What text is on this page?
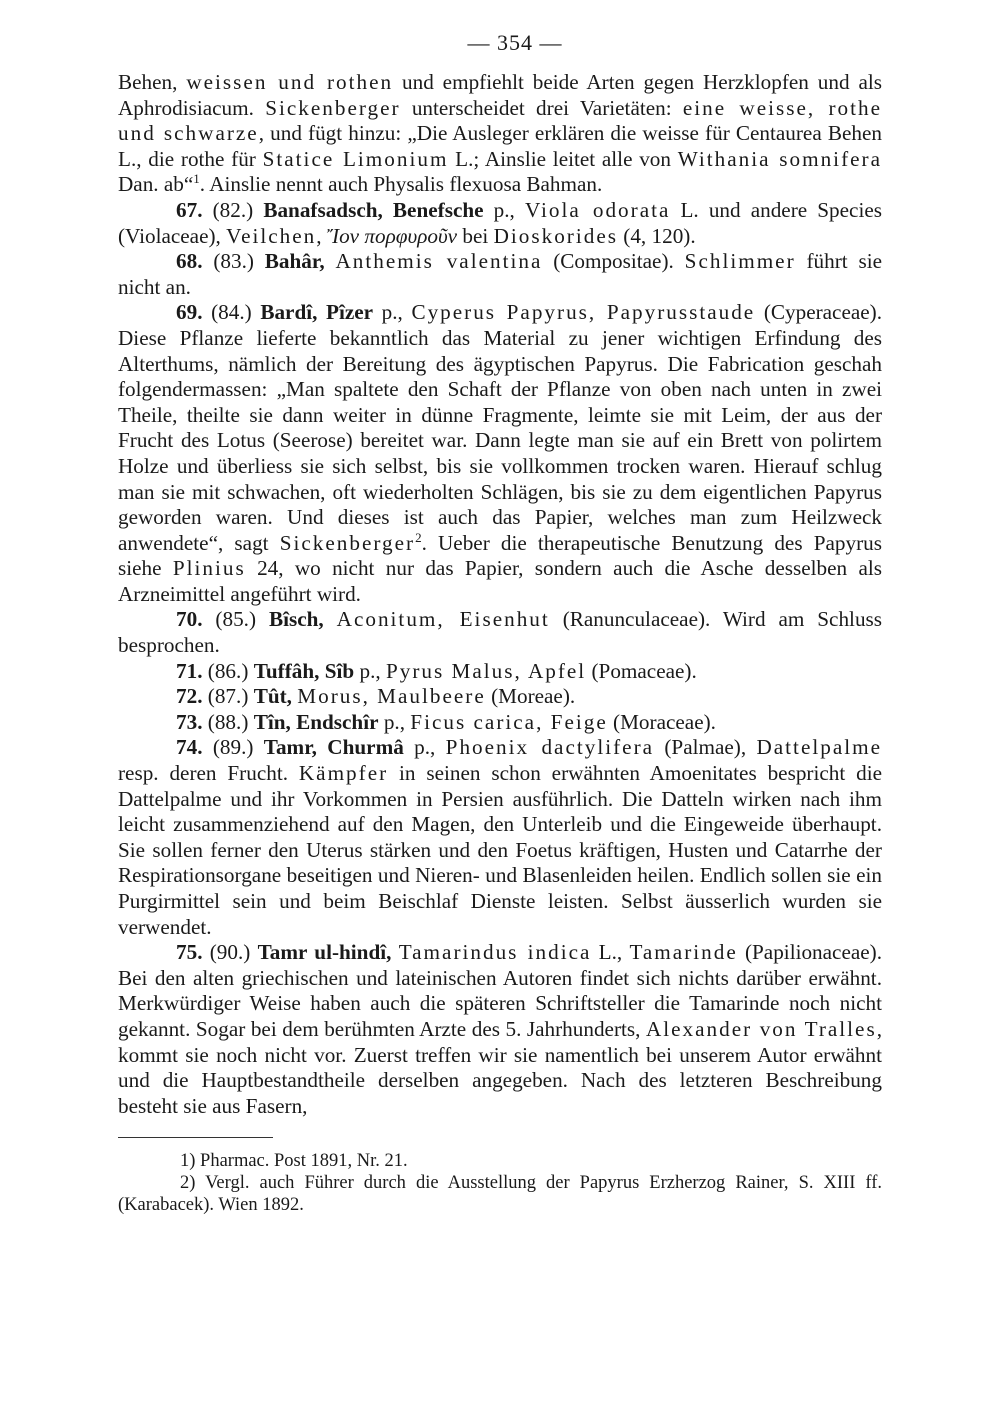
— 354 —

Behen, weissen und rothen und empfiehlt beide Arten gegen Herzklopfen und als Aphrodisiacum. Sickenberger unterscheidet drei Varietäten: eine weisse, rothe und schwarze, und fügt hinzu: „Die Ausleger erklären die weisse für Centaurea Behen L., die rothe für Statice Limonium L.; Ainslie leitet alle von Withania somnifera Dan. ab“$^1$. Ainslie nennt auch Physalis flexuosa Bahman.

67. (82.) Banafsadsch, Benefsche p., Viola odorata L. und andere Species (Violaceae), Veilchen, Ἴον πορφυροῦν bei Dioskorides (4, 120).

68. (83.) Bahâr, Anthemis valentina (Compositae). Schlimmer führt sie nicht an.

69. (84.) Bardî, Pîzer p., Cyperus Papyrus, Papyrusstaude (Cyperaceae). Diese Pflanze lieferte bekanntlich das Material zu jener wichtigen Erfindung des Alterthums, nämlich der Bereitung des ägyptischen Papyrus. Die Fabrication geschah folgendermassen: „Man spaltete den Schaft der Pflanze von oben nach unten in zwei Theile, theilte sie dann weiter in dünne Fragmente, leimte sie mit Leim, der aus der Frucht des Lotus (Seerose) bereitet war. Dann legte man sie auf ein Brett von polirtem Holze und überliess sie sich selbst, bis sie vollkommen trocken waren. Hierauf schlug man sie mit schwachen, oft wiederholten Schlägen, bis sie zu dem eigentlichen Papyrus geworden waren. Und dieses ist auch das Papier, welches man zum Heilzweck anwendete“, sagt Sickenberger$^2$. Ueber die therapeutische Benutzung des Papyrus siehe Plinius 24, wo nicht nur das Papier, sondern auch die Asche desselben als Arzneimittel angeführt wird.

70. (85.) Bîsch, Aconitum, Eisenhut (Ranunculaceae). Wird am Schluss besprochen.

71. (86.) Tuffâh, Sîb p., Pyrus Malus, Apfel (Pomaceae).

72. (87.) Tût, Morus, Maulbeere (Moreae).

73. (88.) Tîn, Endschîr p., Ficus carica, Feige (Moraceae).

74. (89.) Tamr, Churmâ p., Phoenix dactylifera (Palmae), Dattelpalme resp. deren Frucht. Kämpfer in seinen schon erwähnten Amoenitates bespricht die Dattelpalme und ihr Vorkommen in Persien ausführlich. Die Datteln wirken nach ihm leicht zusammenziehend auf den Magen, den Unterleib und die Eingeweide überhaupt. Sie sollen ferner den Uterus stärken und den Foetus kräftigen, Husten und Catarrhe der Respirationsorgane beseitigen und Nieren- und Blasenleiden heilen. Endlich sollen sie ein Purgirmittel sein und beim Beischlaf Dienste leisten. Selbst äusserlich wurden sie verwendet.

75. (90.) Tamr ul-hindî, Tamarindus indica L., Tamarinde (Papilionaceae). Bei den alten griechischen und lateinischen Autoren findet sich nichts darüber erwähnt. Merkwürdiger Weise haben auch die späteren Schriftsteller die Tamarinde noch nicht gekannt. Sogar bei dem berühmten Arzte des 5. Jahrhunderts, Alexander von Tralles, kommt sie noch nicht vor. Zuerst treffen wir sie namentlich bei unserem Autor erwähnt und die Hauptbestandtheile derselben angegeben. Nach des letzteren Beschreibung besteht sie aus Fasern,

1) Pharmac. Post 1891, Nr. 21.

2) Vergl. auch Führer durch die Ausstellung der Papyrus Erzherzog Rainer, S. XIII ff. (Karabacek). Wien 1892.
